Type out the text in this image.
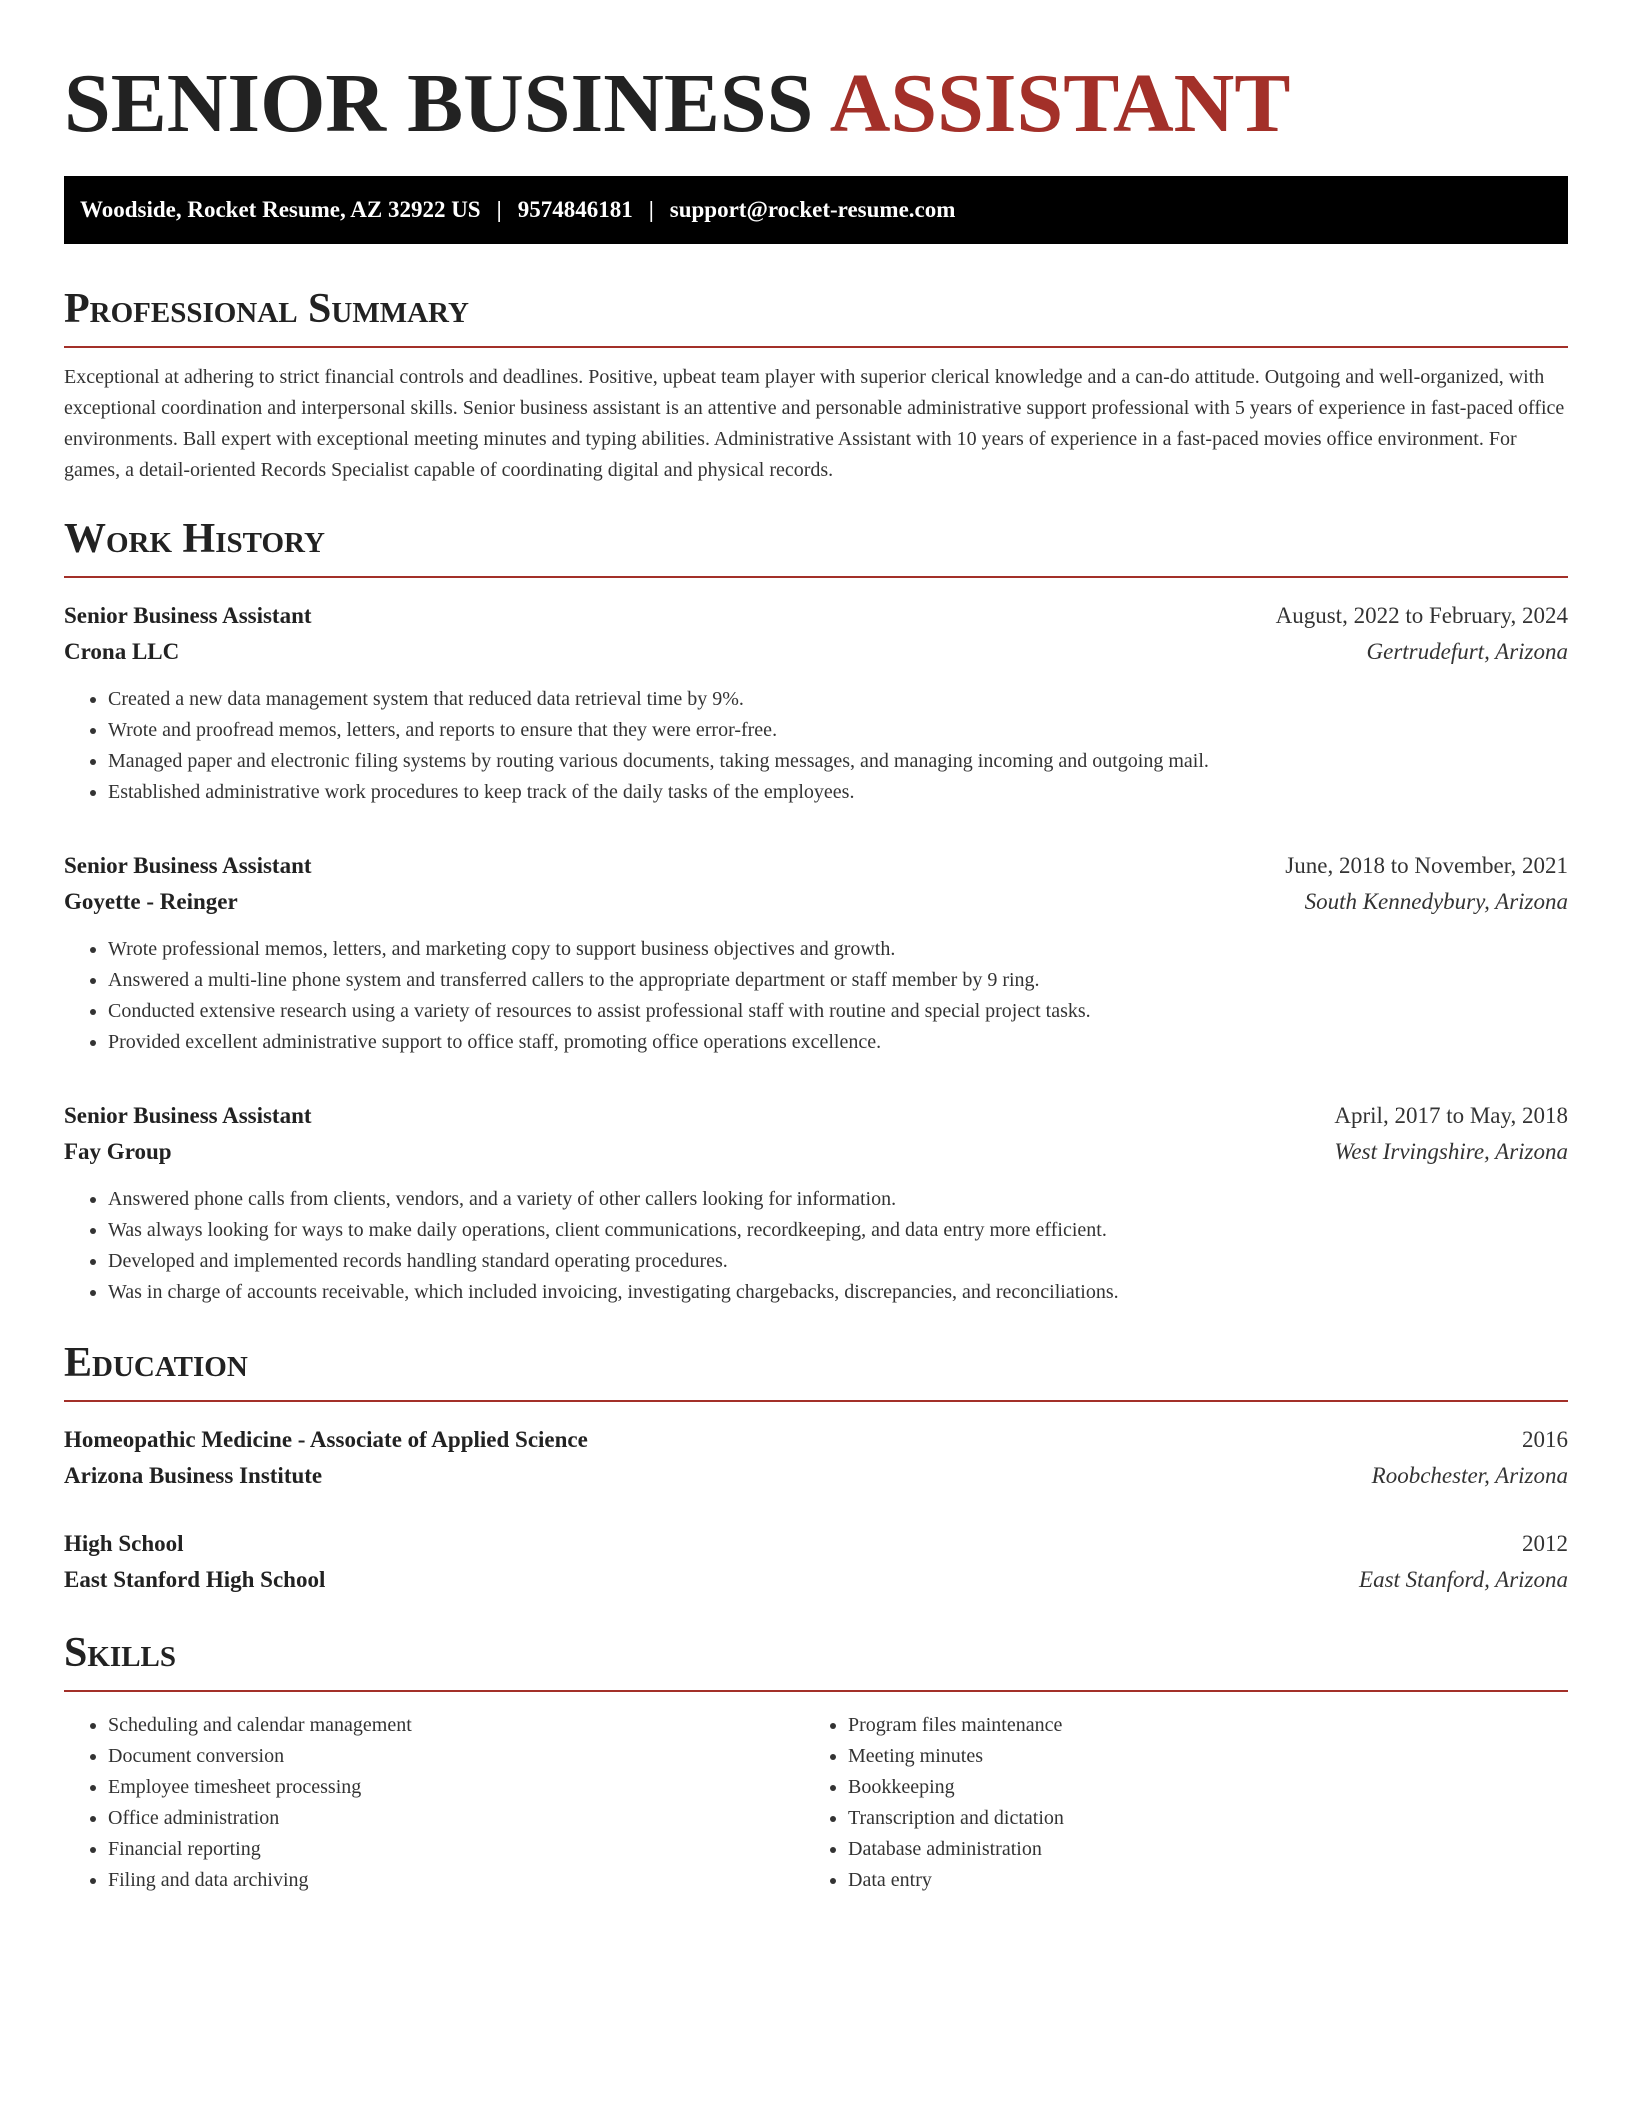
SENIOR BUSINESS ASSISTANT
Woodside, Rocket Resume, AZ 32922 US | 9574846181 | support@rocket-resume.com
Professional Summary

Exceptional at adhering to strict financial controls and deadlines. Positive, upbeat team player with superior clerical knowledge and a can-do attitude. Outgoing and well-organized, with exceptional coordination and interpersonal skills. Senior business assistant is an attentive and personable administrative support professional with 5 years of experience in fast-paced office environments. Ball expert with exceptional meeting minutes and typing abilities. Administrative Assistant with 10 years of experience in a fast-paced movies office environment. For games, a detail-oriented Records Specialist capable of coordinating digital and physical records.

Work History
Senior Business Assistant	August, 2022 to February, 2024
Crona LLC	Gertrudefurt, Arizona
• Created a new data management system that reduced data retrieval time by 9%.
• Wrote and proofread memos, letters, and reports to ensure that they were error-free.
• Managed paper and electronic filing systems by routing various documents, taking messages, and managing incoming and outgoing mail.
• Established administrative work procedures to keep track of the daily tasks of the employees.
Senior Business Assistant	June, 2018 to November, 2021
Goyette - Reinger	South Kennedybury, Arizona
• Wrote professional memos, letters, and marketing copy to support business objectives and growth.
• Answered a multi-line phone system and transferred callers to the appropriate department or staff member by 9 ring.
• Conducted extensive research using a variety of resources to assist professional staff with routine and special project tasks.
• Provided excellent administrative support to office staff, promoting office operations excellence.
Senior Business Assistant	April, 2017 to May, 2018
Fay Group	West Irvingshire, Arizona
• Answered phone calls from clients, vendors, and a variety of other callers looking for information.
• Was always looking for ways to make daily operations, client communications, recordkeeping, and data entry more efficient.
• Developed and implemented records handling standard operating procedures.
• Was in charge of accounts receivable, which included invoicing, investigating chargebacks, discrepancies, and reconciliations.
Education
Homeopathic Medicine - Associate of Applied Science	2016
Arizona Business Institute	Roobchester, Arizona
High School	2012
East Stanford High School	East Stanford, Arizona
Skills
• Scheduling and calendar management
• Document conversion
• Employee timesheet processing
• Office administration
• Financial reporting
• Filing and data archiving
• Program files maintenance
• Meeting minutes
• Bookkeeping
• Transcription and dictation
• Database administration
• Data entry
